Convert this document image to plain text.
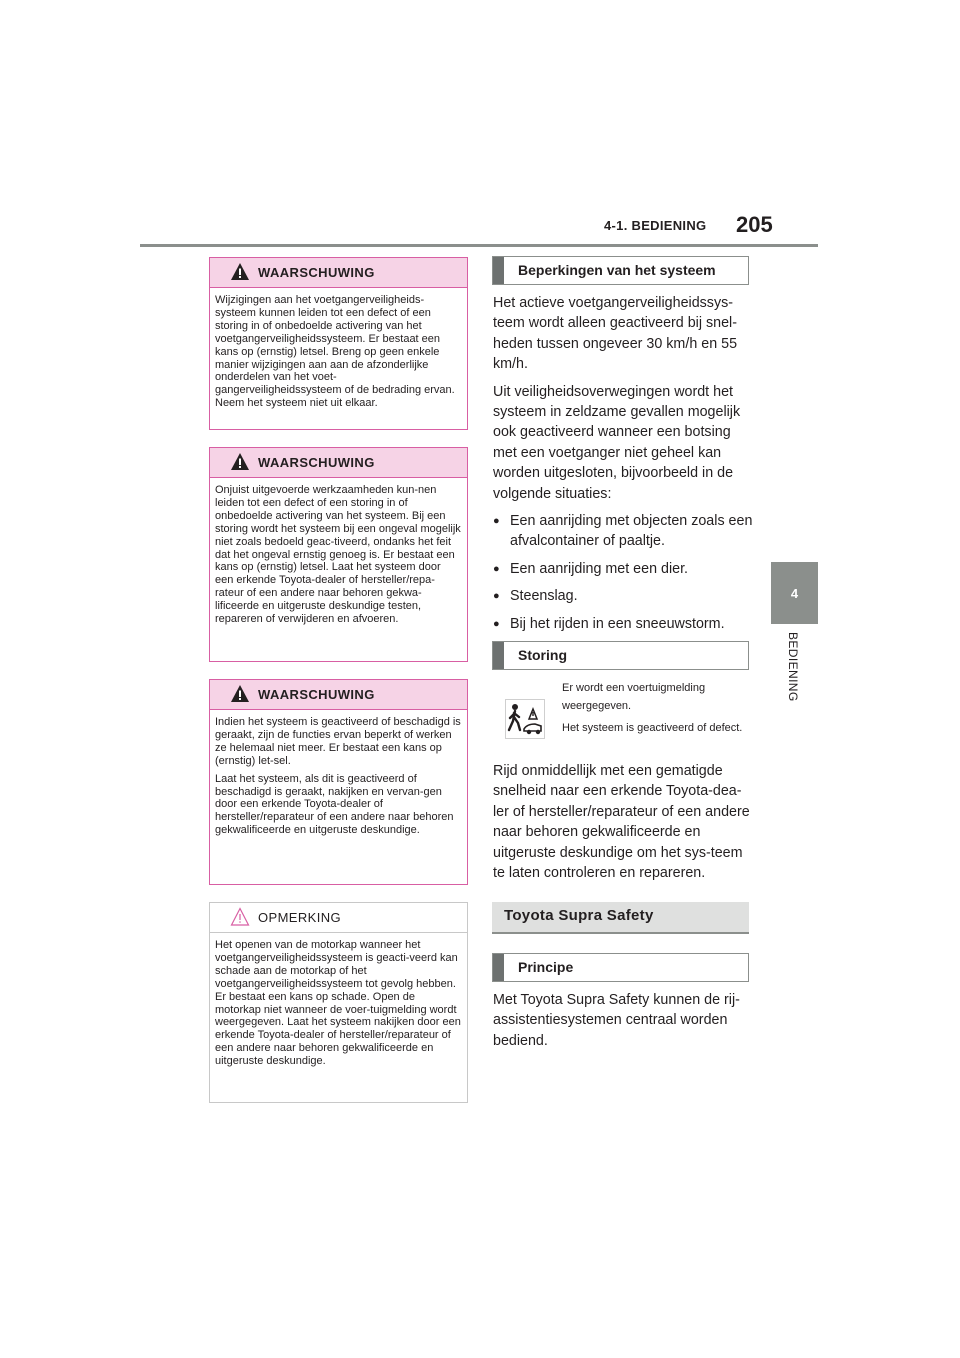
4-1. BEDIENING 205
4
BEDIENING
WAARSCHUWING

Wijzigingen aan het voetgangerveiligheids-systeem kunnen leiden tot een defect of een storing in of onbedoelde activering van het voetgangerveiligheidssysteem. Er bestaat een kans op (ernstig) letsel. Breng op geen enkele manier wijzigingen aan aan de afzonderlijke onderdelen van het voet-gangerveiligheidssysteem of de bedrading ervan. Neem het systeem niet uit elkaar.

WAARSCHUWING

Onjuist uitgevoerde werkzaamheden kun-nen leiden tot een defect of een storing in of onbedoelde activering van het systeem. Bij een storing wordt het systeem bij een ongeval mogelijk niet zoals bedoeld geac-tiveerd, ondanks het feit dat het ongeval ernstig genoeg is. Er bestaat een kans op (ernstig) letsel. Laat het systeem door een erkende Toyota-dealer of hersteller/repa-rateur of een andere naar behoren gekwa-lificeerde en uitgeruste deskundige testen, repareren of verwijderen en afvoeren.

WAARSCHUWING

Indien het systeem is geactiveerd of beschadigd is geraakt, zijn de functies ervan beperkt of werken ze helemaal niet meer. Er bestaat een kans op (ernstig) let-sel.

Laat het systeem, als dit is geactiveerd of beschadigd is geraakt, nakijken en vervan-gen door een erkende Toyota-dealer of hersteller/reparateur of een andere naar behoren gekwalificeerde en uitgeruste deskundige.

OPMERKING

Het openen van de motorkap wanneer het voetgangerveiligheidssysteem is geacti-veerd kan schade aan de motorkap of het voetgangerveiligheidssysteem tot gevolg hebben. Er bestaat een kans op schade. Open de motorkap niet wanneer de voer-tuigmelding wordt weergegeven. Laat het systeem nakijken door een erkende Toyota-dealer of hersteller/reparateur of een andere naar behoren gekwalificeerde en uitgeruste deskundige.

Beperkingen van het systeem

Het actieve voetgangerveiligheidssys-teem wordt alleen geactiveerd bij snel-heden tussen ongeveer 30 km/h en 55 km/h.

Uit veiligheidsoverwegingen wordt het systeem in zeldzame gevallen mogelijk ook geactiveerd wanneer een botsing met een voetganger niet geheel kan worden uitgesloten, bijvoorbeeld in de volgende situaties:

● Een aanrijding met objecten zoals een afvalcontainer of paaltje.
● Een aanrijding met een dier.
● Steenslag.
● Bij het rijden in een sneeuwstorm.
Storing

Er wordt een voertuigmelding weergegeven.

Het systeem is geactiveerd of defect.

Rijd onmiddellijk met een gematigde snelheid naar een erkende Toyota-dea-ler of hersteller/reparateur of een andere naar behoren gekwalificeerde en uitgeruste deskundige om het sys-teem te laten controleren en repareren.

Toyota Supra Safety
Principe

Met Toyota Supra Safety kunnen de rij-assistentiesystemen centraal worden bediend.
